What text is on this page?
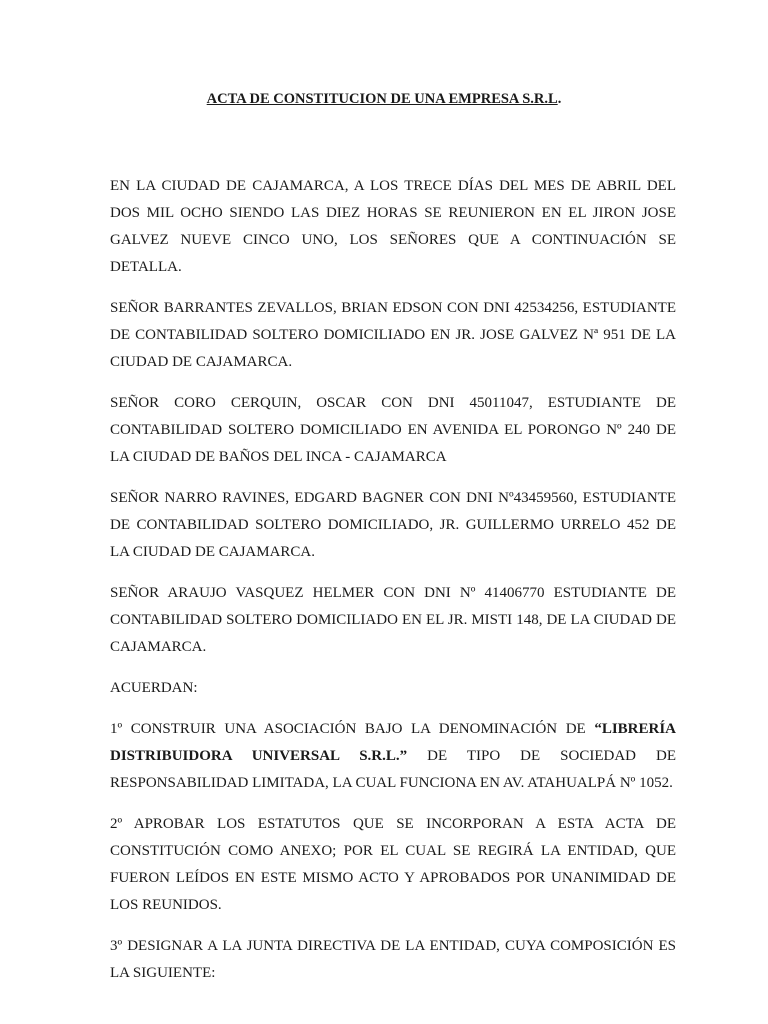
ACTA DE CONSTITUCION DE UNA EMPRESA S.R.L.

EN LA CIUDAD DE CAJAMARCA, A LOS TRECE DÍAS DEL MES DE ABRIL DEL DOS MIL OCHO SIENDO LAS DIEZ HORAS SE REUNIERON EN EL JIRON JOSE GALVEZ NUEVE CINCO UNO, LOS SEÑORES QUE A CONTINUACIÓN SE DETALLA.

SEÑOR BARRANTES ZEVALLOS, BRIAN EDSON CON DNI 42534256, ESTUDIANTE DE CONTABILIDAD SOLTERO DOMICILIADO EN JR. JOSE GALVEZ Nª 951 DE LA CIUDAD DE CAJAMARCA.

SEÑOR CORO CERQUIN, OSCAR CON DNI 45011047, ESTUDIANTE DE CONTABILIDAD SOLTERO DOMICILIADO EN AVENIDA EL PORONGO Nº 240 DE LA CIUDAD DE BAÑOS DEL INCA - CAJAMARCA

SEÑOR NARRO RAVINES, EDGARD BAGNER CON DNI Nº43459560, ESTUDIANTE DE CONTABILIDAD SOLTERO DOMICILIADO, JR. GUILLERMO URRELO 452 DE LA CIUDAD DE CAJAMARCA.

SEÑOR ARAUJO VASQUEZ HELMER CON DNI Nº 41406770 ESTUDIANTE DE CONTABILIDAD SOLTERO DOMICILIADO EN EL JR. MISTI 148, DE LA CIUDAD DE CAJAMARCA.

ACUERDAN:

1º CONSTRUIR UNA ASOCIACIÓN BAJO LA DENOMINACIÓN DE “LIBRERÍA DISTRIBUIDORA UNIVERSAL S.R.L.” DE TIPO DE SOCIEDAD DE RESPONSABILIDAD LIMITADA, LA CUAL FUNCIONA EN AV. ATAHUALPÁ Nº 1052.

2º APROBAR LOS ESTATUTOS QUE SE INCORPORAN A ESTA ACTA DE CONSTITUCIÓN COMO ANEXO; POR EL CUAL SE REGIRÁ LA ENTIDAD, QUE FUERON LEÍDOS EN ESTE MISMO ACTO Y APROBADOS POR UNANIMIDAD DE LOS REUNIDOS.

3º DESIGNAR A LA JUNTA DIRECTIVA DE LA ENTIDAD, CUYA COMPOSICIÓN ES LA SIGUIENTE:
